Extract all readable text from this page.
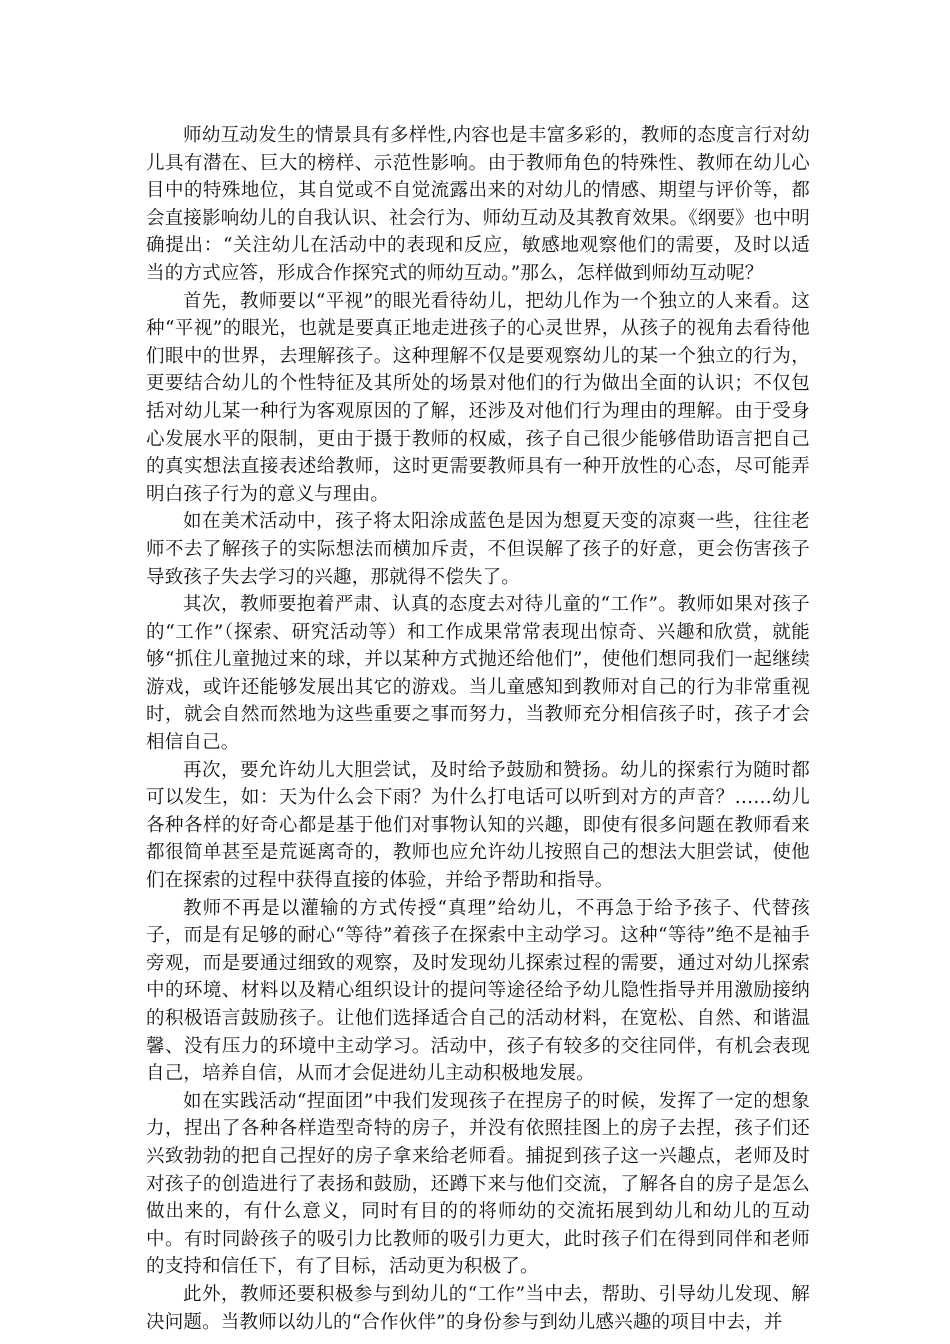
师幼互动发生的情景具有多样性,内容也是丰富多彩的，教师的态度言行对幼儿具有潜在、巨大的榜样、示范性影响。由于教师角色的特殊性、教师在幼儿心目中的特殊地位，其自觉或不自觉流露出来的对幼儿的情感、期望与评价等，都会直接影响幼儿的自我认识、社会行为、师幼互动及其教育效果。《纲要》也中明确提出：“关注幼儿在活动中的表现和反应，敏感地观察他们的需要，及时以适当的方式应答，形成合作探究式的师幼互动。”那么，怎样做到师幼互动呢？

首先，教师要以“平视”的眼光看待幼儿，把幼儿作为一个独立的人来看。这种“平视”的眼光，也就是要真正地走进孩子的心灵世界，从孩子的视角去看待他们眼中的世界，去理解孩子。这种理解不仅是要观察幼儿的某一个独立的行为，更要结合幼儿的个性特征及其所处的场景对他们的行为做出全面的认识；不仅包括对幼儿某一种行为客观原因的了解，还涉及对他们行为理由的理解。由于受身心发展水平的限制，更由于摄于教师的权威，孩子自己很少能够借助语言把自己的真实想法直接表述给教师，这时更需要教师具有一种开放性的心态，尽可能弄明白孩子行为的意义与理由。

如在美术活动中，孩子将太阳涂成蓝色是因为想夏天变的凉爽一些，往往老师不去了解孩子的实际想法而横加斥责，不但误解了孩子的好意，更会伤害孩子导致孩子失去学习的兴趣，那就得不偿失了。

其次，教师要抱着严肃、认真的态度去对待儿童的“工作”。教师如果对孩子的“工作”（探索、研究活动等）和工作成果常常表现出惊奇、兴趣和欣赏，就能够“抓住儿童抛过来的球，并以某种方式抛还给他们”，使他们想同我们一起继续游戏，或许还能够发展出其它的游戏。当儿童感知到教师对自己的行为非常重视时，就会自然而然地为这些重要之事而努力，当教师充分相信孩子时，孩子才会相信自己。

再次，要允许幼儿大胆尝试，及时给予鼓励和赞扬。幼儿的探索行为随时都可以发生，如：天为什么会下雨？为什么打电话可以听到对方的声音？……幼儿各种各样的好奇心都是基于他们对事物认知的兴趣，即使有很多问题在教师看来都很简单甚至是荒诞离奇的，教师也应允许幼儿按照自己的想法大胆尝试，使他们在探索的过程中获得直接的体验，并给予帮助和指导。

教师不再是以灌输的方式传授“真理”给幼儿，不再急于给予孩子、代替孩子，而是有足够的耐心“等待”着孩子在探索中主动学习。这种“等待”绝不是袖手旁观，而是要通过细致的观察，及时发现幼儿探索过程的需要，通过对幼儿探索中的环境、材料以及精心组织设计的提问等途径给予幼儿隐性指导并用激励接纳的积极语言鼓励孩子。让他们选择适合自己的活动材料，在宽松、自然、和谐温馨、没有压力的环境中主动学习。活动中，孩子有较多的交往同伴，有机会表现自己，培养自信，从而才会促进幼儿主动积极地发展。

如在实践活动“捏面团”中我们发现孩子在捏房子的时候，发挥了一定的想象力，捏出了各种各样造型奇特的房子，并没有依照挂图上的房子去捏，孩子们还兴致勃勃的把自己捏好的房子拿来给老师看。捕捉到孩子这一兴趣点，老师及时对孩子的创造进行了表扬和鼓励，还蹲下来与他们交流，了解各自的房子是怎么做出来的，有什么意义，同时有目的的将师幼的交流拓展到幼儿和幼儿的互动中。有时同龄孩子的吸引力比教师的吸引力更大，此时孩子们在得到同伴和老师的支持和信任下，有了目标，活动更为积极了。

此外，教师还要积极参与到幼儿的“工作”当中去，帮助、引导幼儿发现、解决问题。当教师以幼儿的“合作伙伴”的身份参与到幼儿感兴趣的项目中去，并
